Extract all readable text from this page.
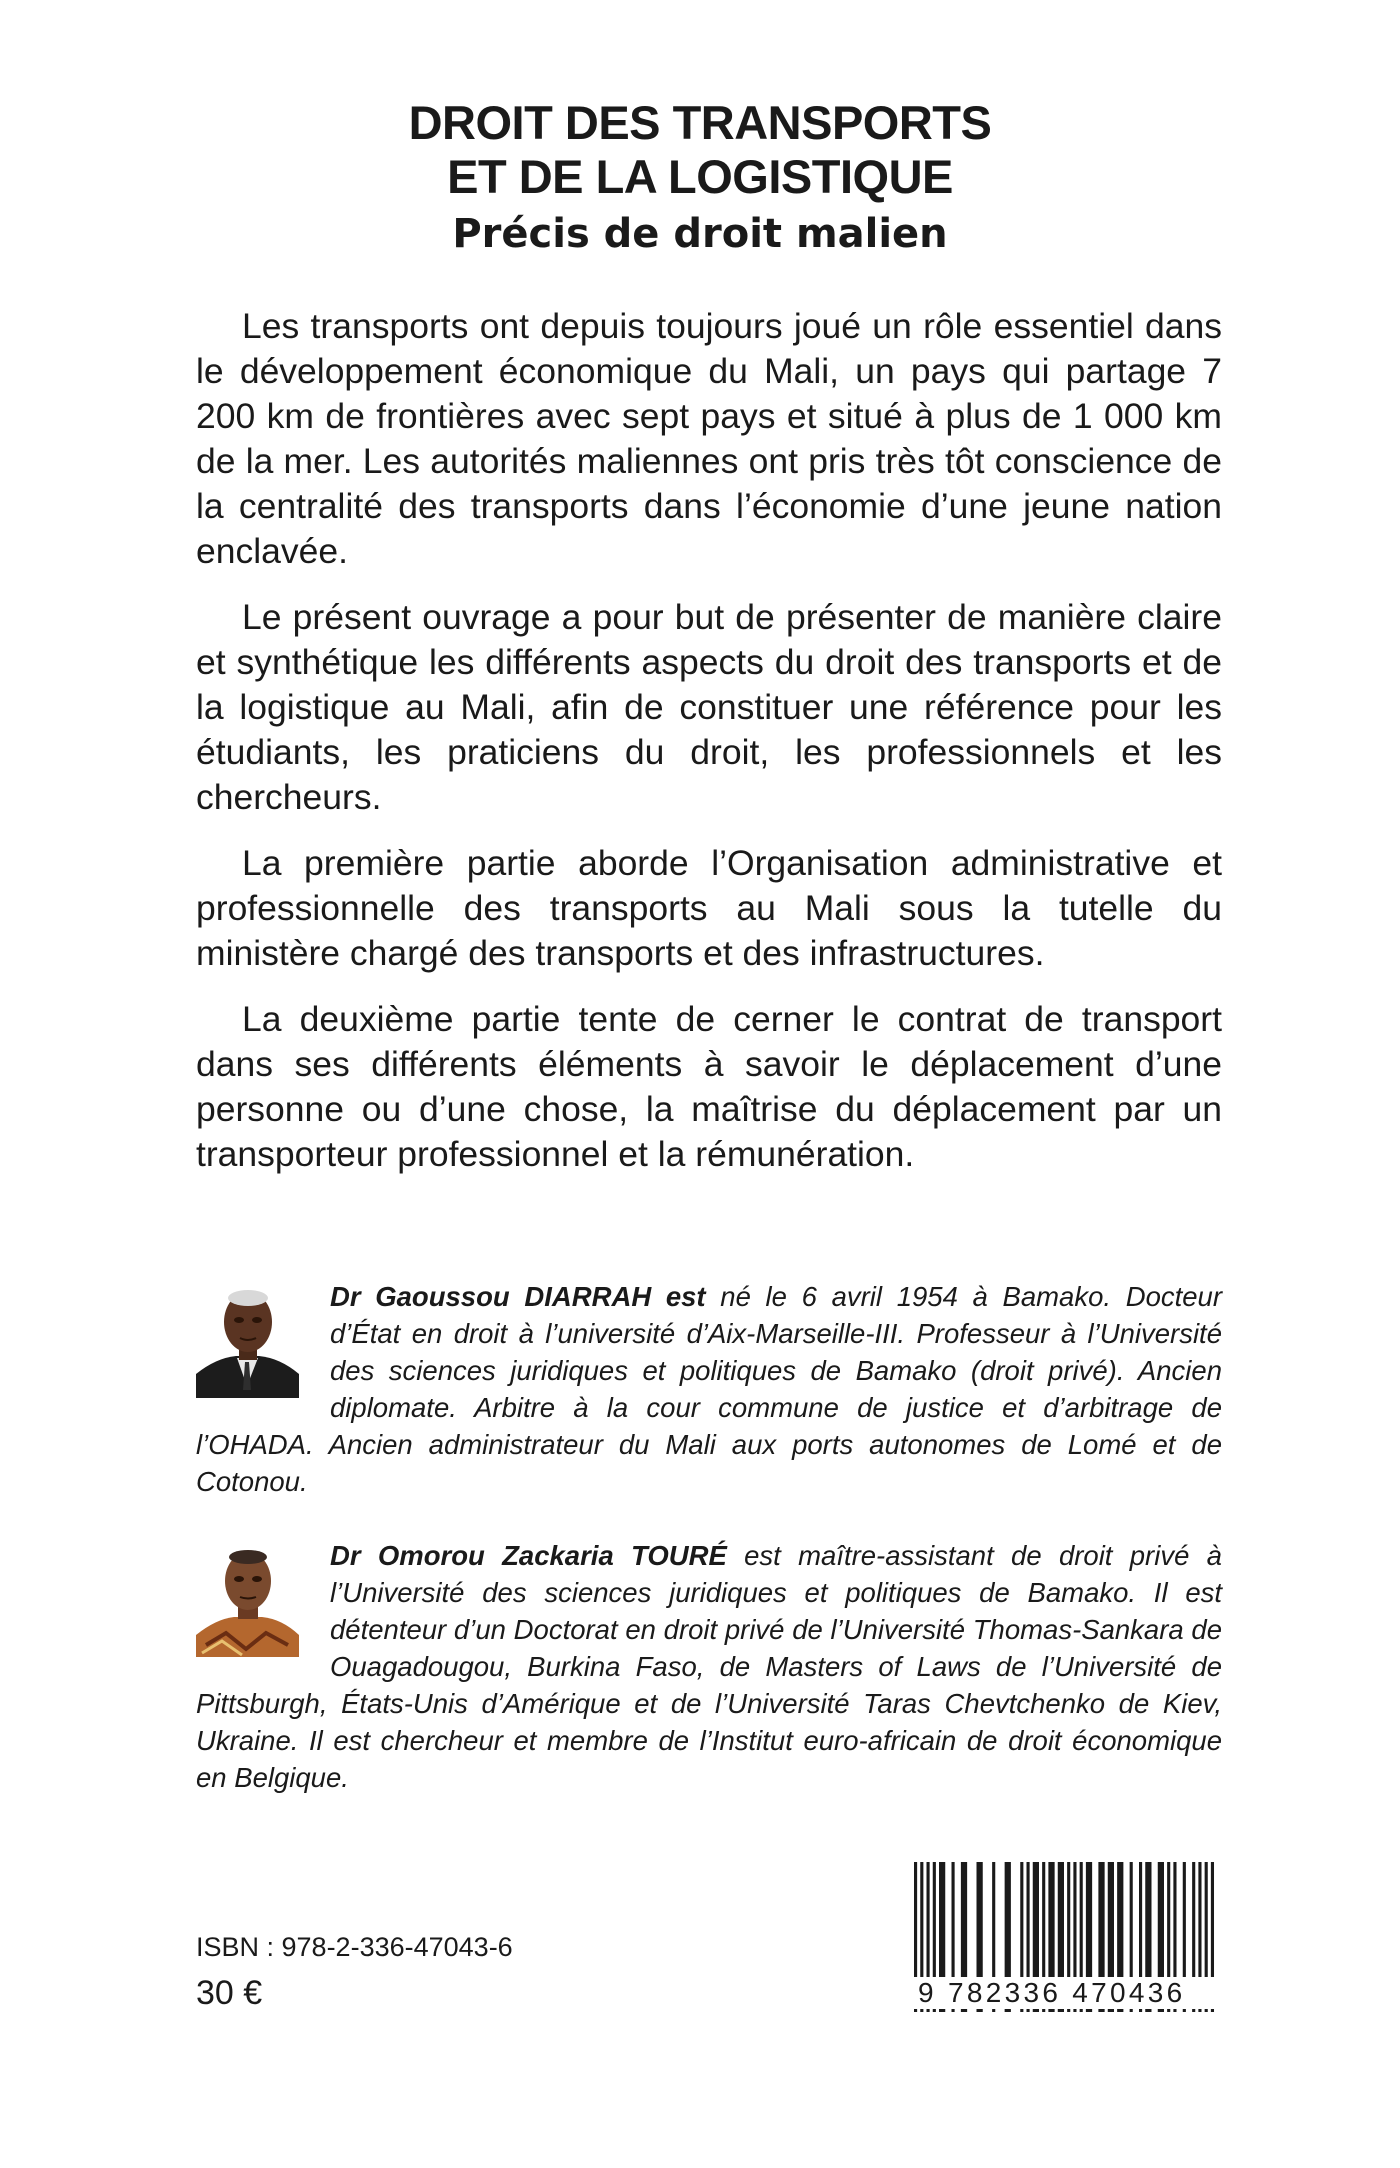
DROIT DES TRANSPORTS
ET DE LA LOGISTIQUE
Précis de droit malien

Les transports ont depuis toujours joué un rôle essentiel dans le développement économique du Mali, un pays qui partage 7 200 km de frontières avec sept pays et situé à plus de 1 000 km de la mer. Les autorités maliennes ont pris très tôt conscience de la centralité des transports dans l’économie d’une jeune nation enclavée.

Le présent ouvrage a pour but de présenter de manière claire et synthétique les différents aspects du droit des transports et de la logistique au Mali, afin de constituer une référence pour les étudiants, les praticiens du droit, les professionnels et les chercheurs.

La première partie aborde l’Organisation administrative et professionnelle des transports au Mali sous la tutelle du ministère chargé des transports et des infrastructures.

La deuxième partie tente de cerner le contrat de transport dans ses différents éléments à savoir le déplacement d’une personne ou d’une chose, la maîtrise du déplacement par un transporteur professionnel et la rémunération.

Dr Gaoussou DIARRAH est né le 6 avril 1954 à Bamako. Docteur d’État en droit à l’université d’Aix-Marseille-III. Professeur à l’Université des sciences juridiques et politiques de Bamako (droit privé). Ancien diplomate. Arbitre à la cour commune de justice et d’arbitrage de l’OHADA. Ancien administrateur du Mali aux ports autonomes de Lomé et de Cotonou.
Dr Omorou Zackaria TOURÉ est maître-assistant de droit privé à l’Université des sciences juridiques et politiques de Bamako. Il est détenteur d’un Doctorat en droit privé de l’Université Thomas-Sankara de Ouagadougou, Burkina Faso, de Masters of Laws de l’Université de Pittsburgh, États-Unis d’Amérique et de l’Université Taras Chevtchenko de Kiev, Ukraine. Il est chercheur et membre de l’Institut euro-africain de droit économique en Belgique.
ISBN : 978-2-336-47043-6
30 €	9 782336 470436
